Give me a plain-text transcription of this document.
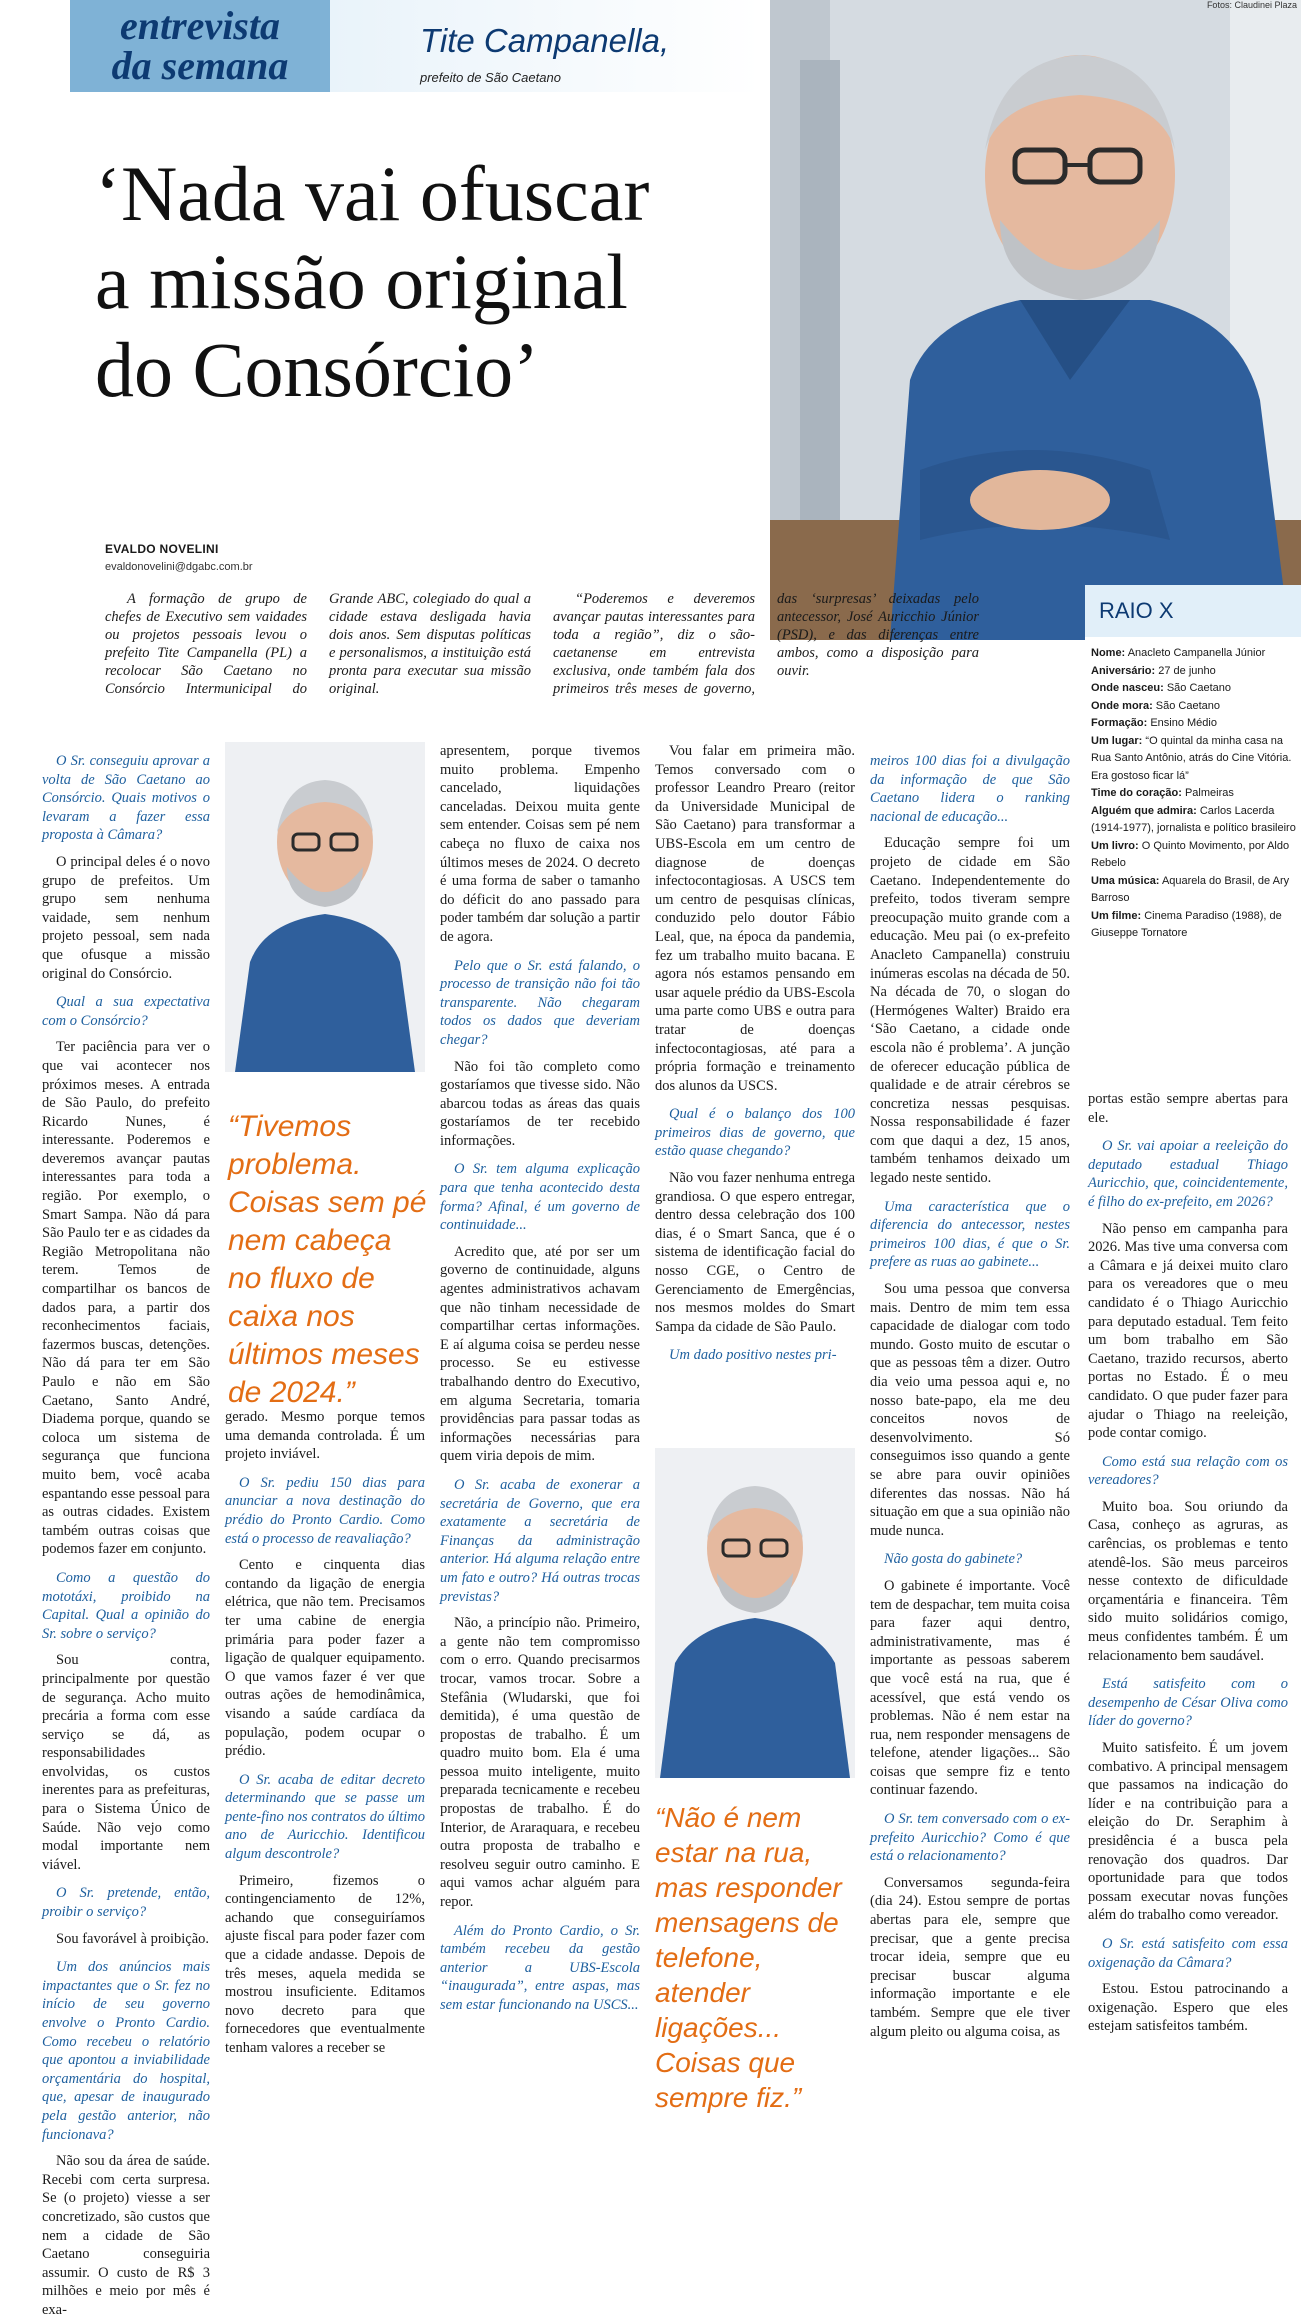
entrevista
da semana
Tite Campanella,
prefeito de São Caetano
Fotos: Claudinei Plaza
‘Nada vai ofuscar
a missão original
do Consórcio’
EVALDO NOVELINI
evaldonovelini@dgabc.com.br

A formação de grupo de chefes de Executivo sem vaidades ou projetos pessoais levou o prefeito Tite Campanella (PL) a recolocar São Caetano no Consórcio Intermunicipal do Grande ABC, colegiado do qual a cidade estava desligada havia dois anos. Sem disputas políticas e personalismos, a instituição está pronta para executar sua missão original.

“Poderemos e deveremos avançar pautas interessantes para toda a região”, diz o são-caetanense em entrevista exclusiva, onde também fala dos primeiros três meses de governo, das ‘surpresas’ deixadas pelo antecessor, José Auricchio Júnior (PSD), e das diferenças entre ambos, como a disposição para ouvir.

RAIO X
Nome: Anacleto Campanella Júnior
Aniversário: 27 de junho
Onde nasceu: São Caetano
Onde mora: São Caetano
Formação: Ensino Médio
Um lugar: “O quintal da minha casa na Rua Santo Antônio, atrás do Cine Vitória. Era gostoso ficar lá”
Time do coração: Palmeiras
Alguém que admira: Carlos Lacerda (1914-1977), jornalista e político brasileiro
Um livro: O Quinto Movimento, por Aldo Rebelo
Uma música: Aquarela do Brasil, de Ary Barroso
Um filme: Cinema Paradiso (1988), de Giuseppe Tornatore
“Tivemos problema. Coisas sem pé nem cabeça no fluxo de caixa nos últimos meses de 2024.”
“Não é nem estar na rua, mas responder mensagens de telefone, atender ligações... Coisas que sempre fiz.”

O Sr. conseguiu aprovar a volta de São Caetano ao Consórcio. Quais motivos o levaram a fazer essa proposta à Câmara?

O principal deles é o novo grupo de prefeitos. Um grupo sem nenhuma vaidade, sem nenhum projeto pessoal, sem nada que ofusque a missão original do Consórcio.

Qual a sua expectativa com o Consórcio?

Ter paciência para ver o que vai acontecer nos próximos meses. A entrada de São Paulo, do prefeito Ricardo Nunes, é interessante. Poderemos e deveremos avançar pautas interessantes para toda a região. Por exemplo, o Smart Sampa. Não dá para São Paulo ter e as cidades da Região Metropolitana não terem. Temos de compartilhar os bancos de dados para, a partir dos reconhecimentos faciais, fazermos buscas, detenções. Não dá para ter em São Paulo e não em São Caetano, Santo André, Diadema porque, quando se coloca um sistema de segurança que funciona muito bem, você acaba espantando esse pessoal para as outras cidades. Existem também outras coisas que podemos fazer em conjunto.

Como a questão do mototáxi, proibido na Capital. Qual a opinião do Sr. sobre o serviço?

Sou contra, principalmente por questão de segurança. Acho muito precária a forma com esse serviço se dá, as responsabilidades envolvidas, os custos inerentes para as prefeituras, para o Sistema Único de Saúde. Não vejo como modal importante nem viável.

O Sr. pretende, então, proibir o serviço?

Sou favorável à proibição.

Um dos anúncios mais impactantes que o Sr. fez no início de seu governo envolve o Pronto Cardio. Como recebeu o relatório que apontou a inviabilidade orçamentária do hospital, que, apesar de inaugurado pela gestão anterior, não funcionava?

Não sou da área de saúde. Recebi com certa surpresa. Se (o projeto) viesse a ser concretizado, são custos que nem a cidade de São Caetano conseguiria assumir. O custo de R$ 3 milhões e meio por mês é exa-

gerado. Mesmo porque temos uma demanda controlada. É um projeto inviável.

O Sr. pediu 150 dias para anunciar a nova destinação do prédio do Pronto Cardio. Como está o processo de reavaliação?

Cento e cinquenta dias contando da ligação de energia elétrica, que não tem. Precisamos ter uma cabine de energia primária para poder fazer a ligação de qualquer equipamento. O que vamos fazer é ver que outras ações de hemodinâmica, visando a saúde cardíaca da população, podem ocupar o prédio.

O Sr. acaba de editar decreto determinando que se passe um pente-fino nos contratos do último ano de Auricchio. Identificou algum descontrole?

Primeiro, fizemos o contingenciamento de 12%, achando que conseguiríamos ajuste fiscal para poder fazer com que a cidade andasse. Depois de três meses, aquela medida se mostrou insuficiente. Editamos novo decreto para que fornecedores que eventualmente tenham valores a receber se

apresentem, porque tivemos muito problema. Empenho cancelado, liquidações canceladas. Deixou muita gente sem entender. Coisas sem pé nem cabeça no fluxo de caixa nos últimos meses de 2024. O decreto é uma forma de saber o tamanho do déficit do ano passado para poder também dar solução a partir de agora.

Pelo que o Sr. está falando, o processo de transição não foi tão transparente. Não chegaram todos os dados que deveriam chegar?

Não foi tão completo como gostaríamos que tivesse sido. Não abarcou todas as áreas das quais gostaríamos de ter recebido informações.

O Sr. tem alguma explicação para que tenha acontecido desta forma? Afinal, é um governo de continuidade...

Acredito que, até por ser um governo de continuidade, alguns agentes administrativos achavam que não tinham necessidade de compartilhar certas informações. E aí alguma coisa se perdeu nesse processo. Se eu estivesse trabalhando dentro do Executivo, em alguma Secretaria, tomaria providências para passar todas as informações necessárias para quem viria depois de mim.

O Sr. acaba de exonerar a secretária de Governo, que era exatamente a secretária de Finanças da administração anterior. Há alguma relação entre um fato e outro? Há outras trocas previstas?

Não, a princípio não. Primeiro, a gente não tem compromisso com o erro. Quando precisarmos trocar, vamos trocar. Sobre a Stefânia (Wludarski, que foi demitida), é uma questão de propostas de trabalho. É um quadro muito bom. Ela é uma pessoa muito inteligente, muito preparada tecnicamente e recebeu propostas de trabalho. É do Interior, de Araraquara, e recebeu outra proposta de trabalho e resolveu seguir outro caminho. E aqui vamos achar alguém para repor.

Além do Pronto Cardio, o Sr. também recebeu da gestão anterior a UBS-Escola “inaugurada”, entre aspas, mas sem estar funcionando na USCS...

Vou falar em primeira mão. Temos conversado com o professor Leandro Prearo (reitor da Universidade Municipal de São Caetano) para transformar a UBS-Escola em um centro de diagnose de doenças infectocontagiosas. A USCS tem um centro de pesquisas clínicas, conduzido pelo doutor Fábio Leal, que, na época da pandemia, fez um trabalho muito bacana. E agora nós estamos pensando em usar aquele prédio da UBS-Escola uma parte como UBS e outra para tratar de doenças infectocontagiosas, até para a própria formação e treinamento dos alunos da USCS.

Qual é o balanço dos 100 primeiros dias de governo, que estão quase chegando?

Não vou fazer nenhuma entrega grandiosa. O que espero entregar, dentro dessa celebração dos 100 dias, é o Smart Sanca, que é o sistema de identificação facial do nosso CGE, o Centro de Gerenciamento de Emergências, nos mesmos moldes do Smart Sampa da cidade de São Paulo.

Um dado positivo nestes pri-

meiros 100 dias foi a divulgação da informação de que São Caetano lidera o ranking nacional de educação...

Educação sempre foi um projeto de cidade em São Caetano. Independentemente do prefeito, todos tiveram sempre preocupação muito grande com a educação. Meu pai (o ex-prefeito Anacleto Campanella) construiu inúmeras escolas na década de 50. Na década de 70, o slogan do (Hermógenes Walter) Braido era ‘São Caetano, a cidade onde escola não é problema’. A junção de oferecer educação pública de qualidade e de atrair cérebros se concretiza nessas pesquisas. Nossa responsabilidade é fazer com que daqui a dez, 15 anos, também tenhamos deixado um legado neste sentido.

Uma característica que o diferencia do antecessor, nestes primeiros 100 dias, é que o Sr. prefere as ruas ao gabinete...

Sou uma pessoa que conversa mais. Dentro de mim tem essa capacidade de dialogar com todo mundo. Gosto muito de escutar o que as pessoas têm a dizer. Outro dia veio uma pessoa aqui e, no nosso bate-papo, ela me deu conceitos novos de desenvolvimento. Só conseguimos isso quando a gente se abre para ouvir opiniões diferentes das nossas. Não há situação em que a sua opinião não mude nunca.

Não gosta do gabinete?

O gabinete é importante. Você tem de despachar, tem muita coisa para fazer aqui dentro, administrativamente, mas é importante as pessoas saberem que você está na rua, que é acessível, que está vendo os problemas. Não é nem estar na rua, nem responder mensagens de telefone, atender ligações... São coisas que sempre fiz e tento continuar fazendo.

O Sr. tem conversado com o ex-prefeito Auricchio? Como é que está o relacionamento?

Conversamos segunda-feira (dia 24). Estou sempre de portas abertas para ele, sempre que precisar, que a gente precisa trocar ideia, sempre que eu precisar buscar alguma informação importante e ele também. Sempre que ele tiver algum pleito ou alguma coisa, as

portas estão sempre abertas para ele.

O Sr. vai apoiar a reeleição do deputado estadual Thiago Auricchio, que, coincidentemente, é filho do ex-prefeito, em 2026?

Não penso em campanha para 2026. Mas tive uma conversa com a Câmara e já deixei muito claro para os vereadores que o meu candidato é o Thiago Auricchio para deputado estadual. Tem feito um bom trabalho em São Caetano, trazido recursos, aberto portas no Estado. É o meu candidato. O que puder fazer para ajudar o Thiago na reeleição, pode contar comigo.

Como está sua relação com os vereadores?

Muito boa. Sou oriundo da Casa, conheço as agruras, as carências, os problemas e tento atendê-los. São meus parceiros nesse contexto de dificuldade orçamentária e financeira. Têm sido muito solidários comigo, meus confidentes também. É um relacionamento bem saudável.

Está satisfeito com o desempenho de César Oliva como líder do governo?

Muito satisfeito. É um jovem combativo. A principal mensagem que passamos na indicação do líder e na contribuição para a eleição do Dr. Seraphim à presidência é a busca pela renovação dos quadros. Dar oportunidade para que todos possam executar novas funções além do trabalho como vereador.

O Sr. está satisfeito com essa oxigenação da Câmara?

Estou. Estou patrocinando a oxigenação. Espero que eles estejam satisfeitos também.
